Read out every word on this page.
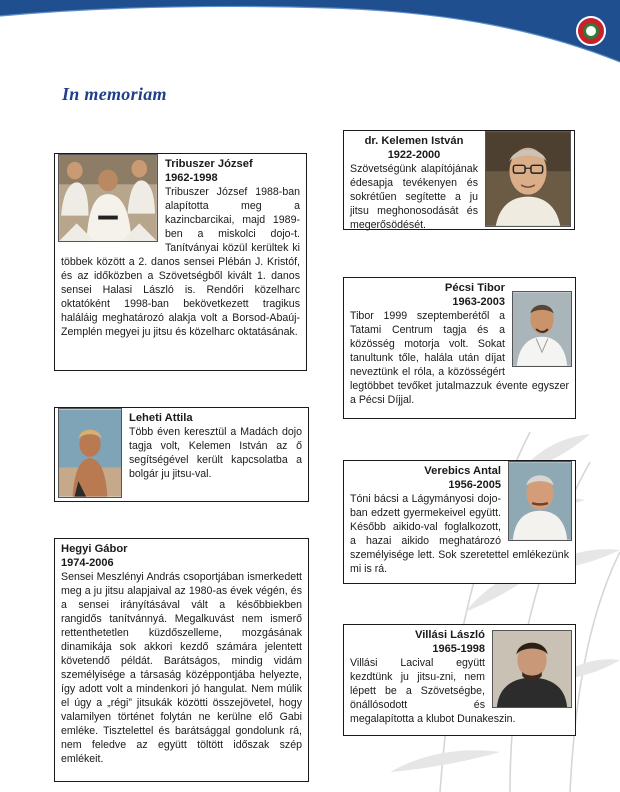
In memoriam
dr. Kelemen István
1922-2000

Szövetségünk alapítójának édesapja tevékenyen és sokrétűen segítette a ju jitsu meghonosodását és megerősödését.

Tribuszer József
1962-1998

Tribuszer József 1988-ban alapította meg a kazincbarcikai, majd 1989-ben a miskolci dojo-t. Tanítványai közül kerültek ki többek között a 2. danos sensei Plébán J. Kristóf, és az időközben a Szövetségből kivált 1. danos sensei Halasi László is. Rendőri közelharc oktatóként 1998-ban bekövetkezett tragikus haláláig meghatározó alakja volt a Borsod-Abaúj-Zemplén megyei ju jitsu és közelharc oktatásának.

Pécsi Tibor
1963-2003

Tibor 1999 szeptemberétől a Tatami Centrum tagja és a közösség motorja volt. Sokat tanultunk tőle, halála után díjat neveztünk el róla, a közösségért legtöbbet tevőket jutalmazzuk évente egyszer a Pécsi Díjjal.

Leheti Attila

Több éven keresztül a Madách dojo tagja volt, Kelemen István az ő segítségével került kapcsolatba a bolgár ju jitsu-val.	Verebics Antal
1956-2005

Tóni bácsi a Lágymányosi dojo-ban edzett gyermekeivel együtt. Később aikido-val foglalkozott, a hazai aikido meghatározó személyisége lett. Sok szeretettel emlékezünk mi is rá.

Hegyi Gábor
1974-2006

Sensei Meszlényi András csoportjában ismerkedett meg a ju jitsu alapjaival az 1980-as évek végén, és a sensei irányításával vált a későbbiekben rangidős tanítvánnyá. Megalkuvást nem ismerő rettenthetetlen küzdőszelleme, mozgásának dinamikája sok akkori kezdő számára jelentett követendő példát. Barátságos, mindig vidám személyisége a társaság középpontjába helyezte, így adott volt a mindenkori jó hangulat. Nem múlik el úgy a „régi” jitsukák közötti összejövetel, hogy valamilyen történet folytán ne kerülne elő Gabi emléke. Tisztelettel és barátsággal gondolunk rá, nem feledve az együtt töltött időszak szép emlékeit.

Villási László
1965-1998

Villási Lacival együtt kezdtünk ju jitsu-zni, nem lépett be a Szövetségbe, önállósodott és megalapította a klubot Dunakeszin.
